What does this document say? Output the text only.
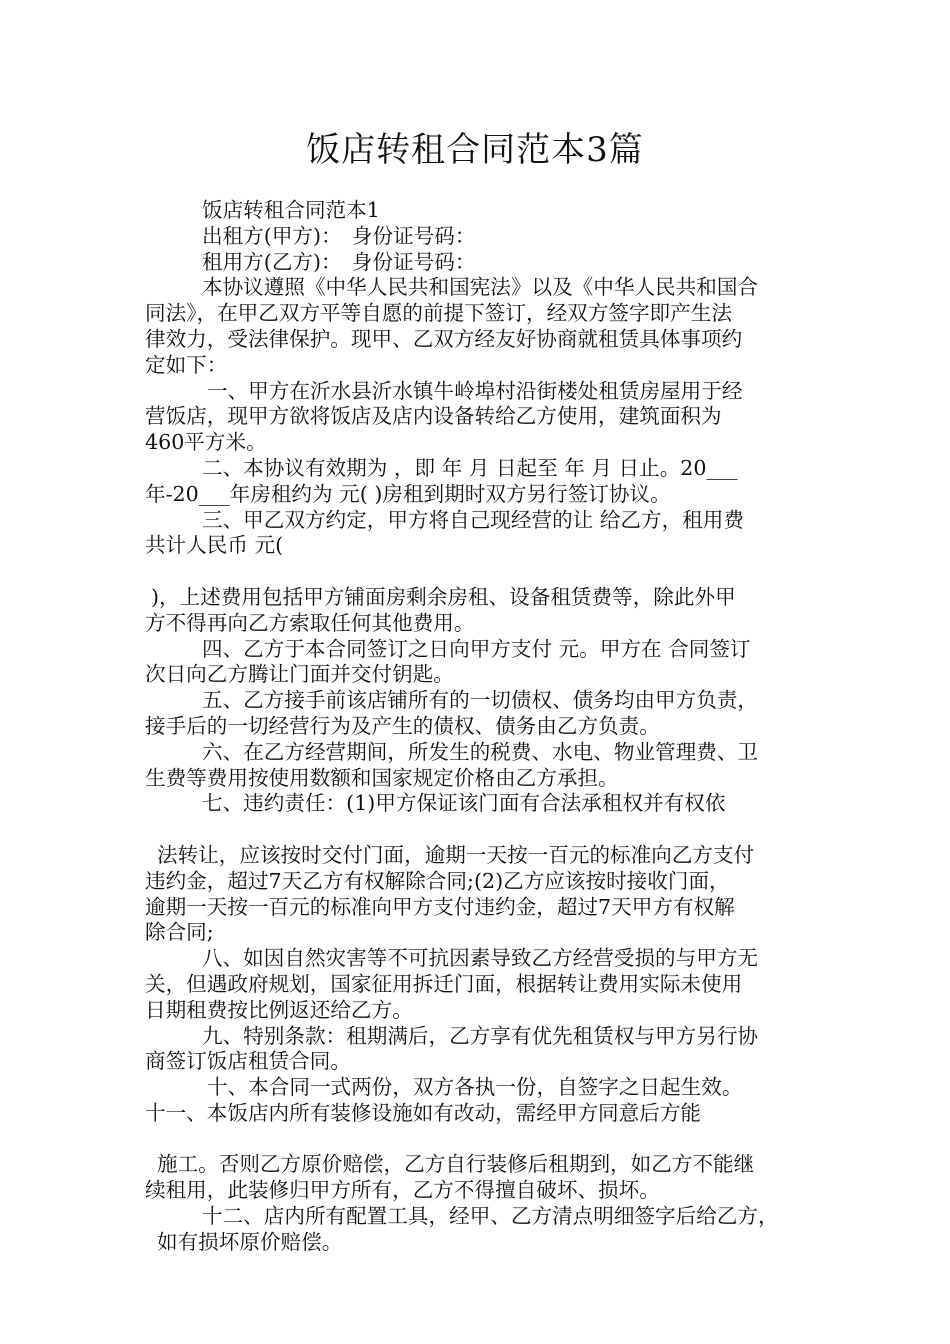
饭店转租合同范本3篇
饭店转租合同范本1
出租方(甲方)：　身份证号码：
租用方(乙方)：　身份证号码：
本协议遵照《中华人民共和国宪法》以及《中华人民共和国合
同法》，在甲乙双方平等自愿的前提下签订，经双方签字即产生法
律效力，受法律保护。现甲、乙双方经友好协商就租赁具体事项约
定如下：
一、甲方在沂水县沂水镇牛岭埠村沿街楼处租赁房屋用于经
营饭店，现甲方欲将饭店及店内设备转给乙方使用，建筑面积为
460平方米。
二、本协议有效期为 ，即 年 月 日起至 年 月 日止。20___
年-20___年房租约为 元( )房租到期时双方另行签订协议。
三、甲乙双方约定，甲方将自己现经营的让 给乙方，租用费
共计人民币 元(
)，上述费用包括甲方铺面房剩余房租、设备租赁费等，除此外甲
方不得再向乙方索取任何其他费用。
四、乙方于本合同签订之日向甲方支付 元。甲方在 合同签订
次日向乙方腾让门面并交付钥匙。
五、乙方接手前该店铺所有的一切债权、债务均由甲方负责，
接手后的一切经营行为及产生的债权、债务由乙方负责。
六、在乙方经营期间，所发生的税费、水电、物业管理费、卫
生费等费用按使用数额和国家规定价格由乙方承担。
七、违约责任：(1)甲方保证该门面有合法承租权并有权依
法转让，应该按时交付门面，逾期一天按一百元的标准向乙方支付
违约金，超过7天乙方有权解除合同;(2)乙方应该按时接收门面，
逾期一天按一百元的标准向甲方支付违约金，超过7天甲方有权解
除合同;
八、如因自然灾害等不可抗因素导致乙方经营受损的与甲方无
关，但遇政府规划，国家征用拆迁门面，根据转让费用实际未使用
日期租费按比例返还给乙方。
九、特别条款：租期满后，乙方享有优先租赁权与甲方另行协
商签订饭店租赁合同。
十、本合同一式两份，双方各执一份，自签字之日起生效。
十一、本饭店内所有装修设施如有改动，需经甲方同意后方能
施工。否则乙方原价赔偿，乙方自行装修后租期到，如乙方不能继
续租用，此装修归甲方所有，乙方不得擅自破坏、损坏。
十二、店内所有配置工具，经甲、乙方清点明细签字后给乙方，
如有损坏原价赔偿。
